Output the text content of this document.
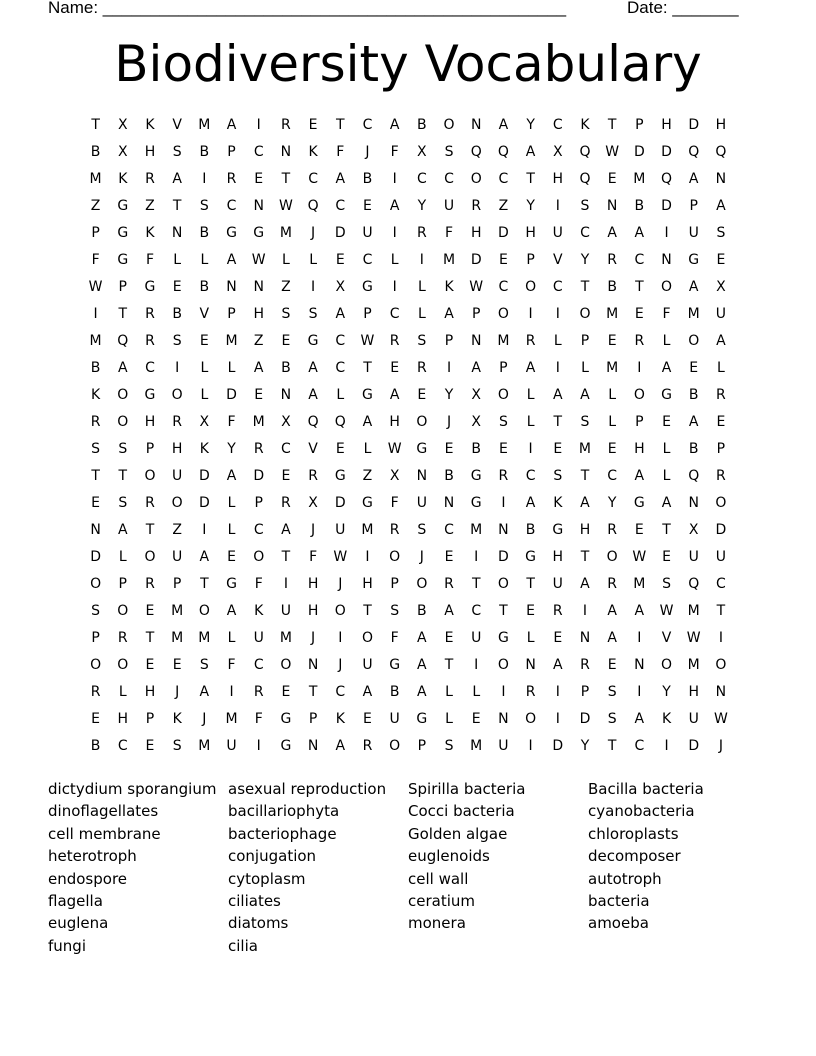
Name: _________________________________________________	Date: _______
Biodiversity Vocabulary
T	X	K	V	M	A	I	R	E	T	C	A	B	O	N	A	Y	C	K	T	P	H	D	H
B	X	H	S	B	P	C	N	K	F	J	F	X	S	Q	Q	A	X	Q	W	D	D	Q	Q
M	K	R	A	I	R	E	T	C	A	B	I	C	C	O	C	T	H	Q	E	M	Q	A	N
Z	G	Z	T	S	C	N	W	Q	C	E	A	Y	U	R	Z	Y	I	S	N	B	D	P	A
P	G	K	N	B	G	G	M	J	D	U	I	R	F	H	D	H	U	C	A	A	I	U	S
F	G	F	L	L	A	W	L	L	E	C	L	I	M	D	E	P	V	Y	R	C	N	G	E
W	P	G	E	B	N	N	Z	I	X	G	I	L	K	W	C	O	C	T	B	T	O	A	X
I	T	R	B	V	P	H	S	S	A	P	C	L	A	P	O	I	I	O	M	E	F	M	U
M	Q	R	S	E	M	Z	E	G	C	W	R	S	P	N	M	R	L	P	E	R	L	O	A
B	A	C	I	L	L	A	B	A	C	T	E	R	I	A	P	A	I	L	M	I	A	E	L
K	O	G	O	L	D	E	N	A	L	G	A	E	Y	X	O	L	A	A	L	O	G	B	R
R	O	H	R	X	F	M	X	Q	Q	A	H	O	J	X	S	L	T	S	L	P	E	A	E
S	S	P	H	K	Y	R	C	V	E	L	W	G	E	B	E	I	E	M	E	H	L	B	P
T	T	O	U	D	A	D	E	R	G	Z	X	N	B	G	R	C	S	T	C	A	L	Q	R
E	S	R	O	D	L	P	R	X	D	G	F	U	N	G	I	A	K	A	Y	G	A	N	O
N	A	T	Z	I	L	C	A	J	U	M	R	S	C	M	N	B	G	H	R	E	T	X	D
D	L	O	U	A	E	O	T	F	W	I	O	J	E	I	D	G	H	T	O	W	E	U	U
O	P	R	P	T	G	F	I	H	J	H	P	O	R	T	O	T	U	A	R	M	S	Q	C
S	O	E	M	O	A	K	U	H	O	T	S	B	A	C	T	E	R	I	A	A	W	M	T
P	R	T	M	M	L	U	M	J	I	O	F	A	E	U	G	L	E	N	A	I	V	W	I
O	O	E	E	S	F	C	O	N	J	U	G	A	T	I	O	N	A	R	E	N	O	M	O
R	L	H	J	A	I	R	E	T	C	A	B	A	L	L	I	R	I	P	S	I	Y	H	N
E	H	P	K	J	M	F	G	P	K	E	U	G	L	E	N	O	I	D	S	A	K	U	W
B	C	E	S	M	U	I	G	N	A	R	O	P	S	M	U	I	D	Y	T	C	I	D	J
dictydium sporangium
dinoflagellates
cell membrane
heterotroph
endospore
flagella
euglena
fungi
asexual reproduction
bacillariophyta
bacteriophage
conjugation
cytoplasm
ciliates
diatoms
cilia
Spirilla bacteria
Cocci bacteria
Golden algae
euglenoids
cell wall
ceratium
monera
Bacilla bacteria
cyanobacteria
chloroplasts
decomposer
autotroph
bacteria
amoeba
